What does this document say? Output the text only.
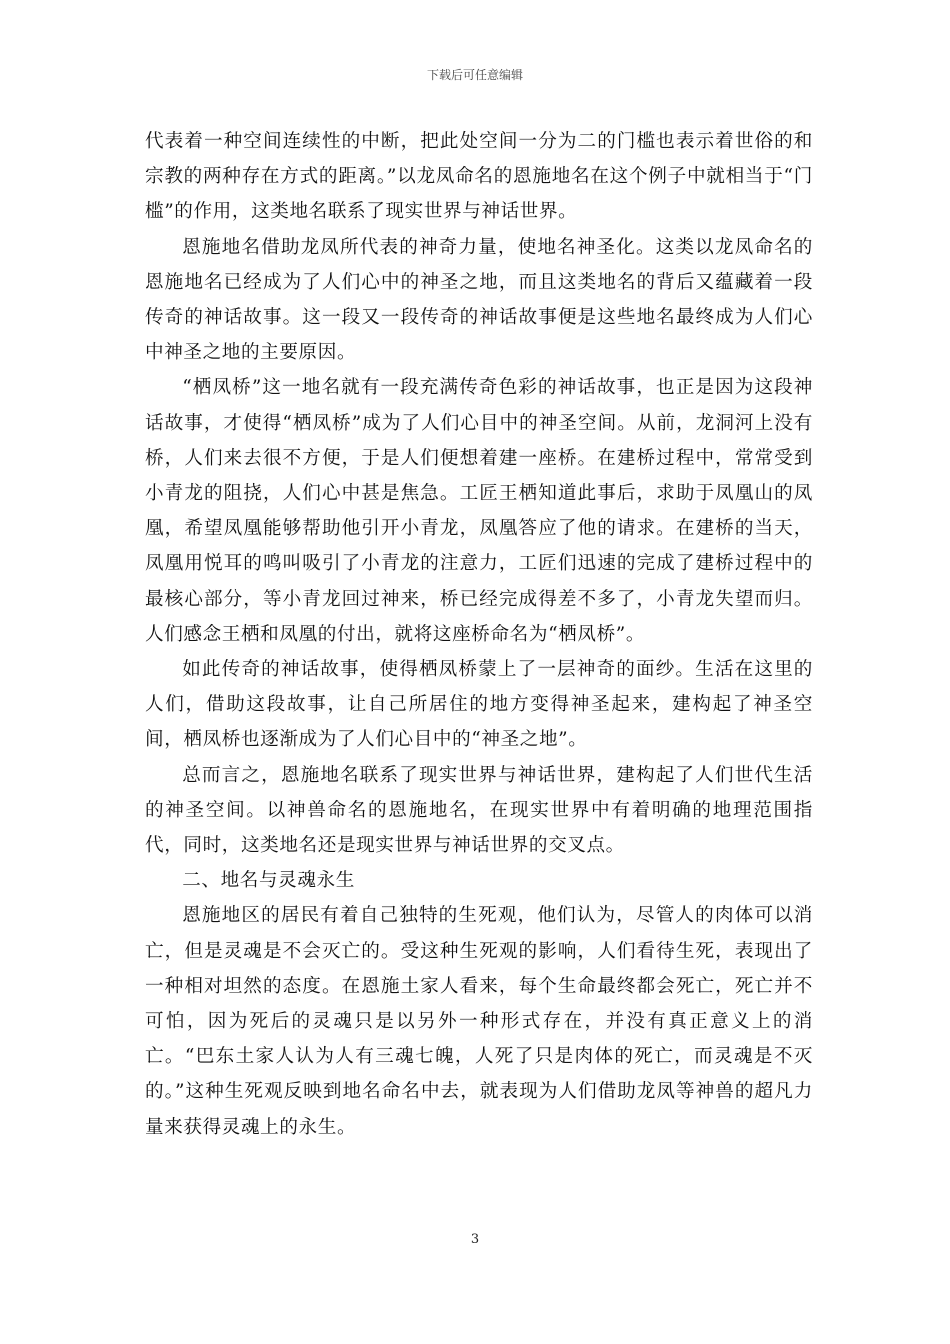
下载后可任意编辑

代表着一种空间连续性的中断，把此处空间一分为二的门槛也表示着世俗的和宗教的两种存在方式的距离。”以龙凤命名的恩施地名在这个例子中就相当于“门槛”的作用，这类地名联系了现实世界与神话世界。

恩施地名借助龙凤所代表的神奇力量，使地名神圣化。这类以龙凤命名的恩施地名已经成为了人们心中的神圣之地，而且这类地名的背后又蕴藏着一段传奇的神话故事。这一段又一段传奇的神话故事便是这些地名最终成为人们心中神圣之地的主要原因。

“栖凤桥”这一地名就有一段充满传奇色彩的神话故事，也正是因为这段神话故事，才使得“栖凤桥”成为了人们心目中的神圣空间。从前，龙洞河上没有桥，人们来去很不方便，于是人们便想着建一座桥。在建桥过程中，常常受到小青龙的阻挠，人们心中甚是焦急。工匠王栖知道此事后，求助于凤凰山的凤凰，希望凤凰能够帮助他引开小青龙，凤凰答应了他的请求。在建桥的当天，凤凰用悦耳的鸣叫吸引了小青龙的注意力，工匠们迅速的完成了建桥过程中的最核心部分，等小青龙回过神来，桥已经完成得差不多了，小青龙失望而归。人们感念王栖和凤凰的付出，就将这座桥命名为“栖凤桥”。

如此传奇的神话故事，使得栖凤桥蒙上了一层神奇的面纱。生活在这里的人们，借助这段故事，让自己所居住的地方变得神圣起来，建构起了神圣空间，栖凤桥也逐渐成为了人们心目中的“神圣之地”。

总而言之，恩施地名联系了现实世界与神话世界，建构起了人们世代生活的神圣空间。以神兽命名的恩施地名，在现实世界中有着明确的地理范围指代，同时，这类地名还是现实世界与神话世界的交叉点。

二、地名与灵魂永生

恩施地区的居民有着自己独特的生死观，他们认为，尽管人的肉体可以消亡，但是灵魂是不会灭亡的。受这种生死观的影响，人们看待生死，表现出了一种相对坦然的态度。在恩施土家人看来，每个生命最终都会死亡，死亡并不可怕，因为死后的灵魂只是以另外一种形式存在，并没有真正意义上的消亡。“巴东土家人认为人有三魂七魄，人死了只是肉体的死亡，而灵魂是不灭的。”这种生死观反映到地名命名中去，就表现为人们借助龙凤等神兽的超凡力量来获得灵魂上的永生。

3
